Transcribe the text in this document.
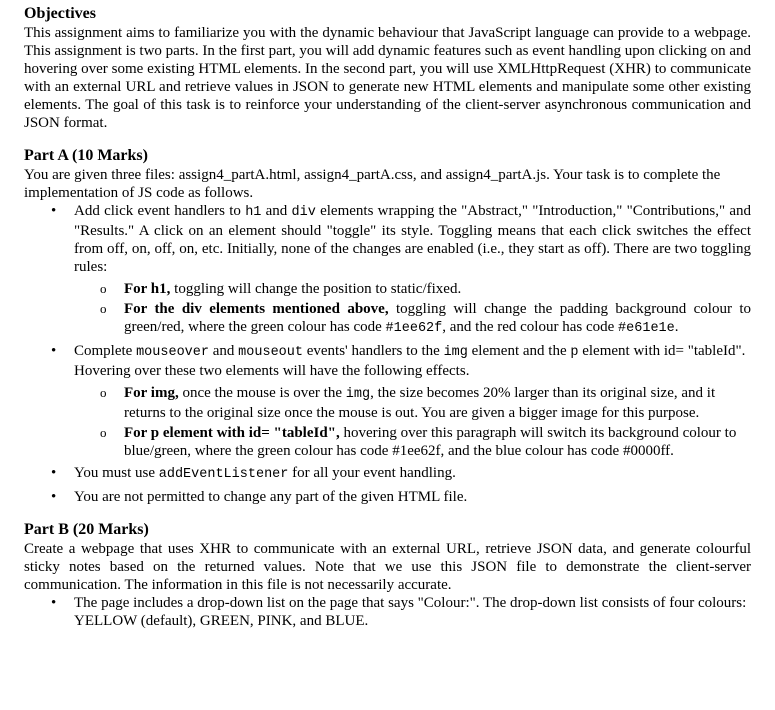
Objectives

This assignment aims to familiarize you with the dynamic behaviour that JavaScript language can provide to a webpage. This assignment is two parts. In the first part, you will add dynamic features such as event handling upon clicking on and hovering over some existing HTML elements. In the second part, you will use XMLHttpRequest (XHR) to communicate with an external URL and retrieve values in JSON to generate new HTML elements and manipulate some other existing elements. The goal of this task is to reinforce your understanding of the client-server asynchronous communication and JSON format.

Part A (10 Marks)

You are given three files: assign4_partA.html, assign4_partA.css, and assign4_partA.js. Your task is to complete the implementation of JS code as follows.

• Add click event handlers to h1 and div elements wrapping the "Abstract," "Introduction," "Contributions," and "Results." A click on an element should "toggle" its style. Toggling means that each click switches the effect from off, on, off, on, etc. Initially, none of the changes are enabled (i.e., they start as off). There are two toggling rules:
o For h1, toggling will change the position to static/fixed.
o For the div elements mentioned above, toggling will change the padding background colour to green/red, where the green colour has code #1ee62f, and the red colour has code #e61e1e.
• Complete mouseover and mouseout events' handlers to the img element and the p element with id= "tableId". Hovering over these two elements will have the following effects.
o For img, once the mouse is over the img, the size becomes 20% larger than its original size, and it returns to the original size once the mouse is out. You are given a bigger image for this purpose.
o For p element with id= "tableId", hovering over this paragraph will switch its background colour to blue/green, where the green colour has code #1ee62f, and the blue colour has code #0000ff.
• You must use addEventListener for all your event handling.
• You are not permitted to change any part of the given HTML file.
Part B (20 Marks)

Create a webpage that uses XHR to communicate with an external URL, retrieve JSON data, and generate colourful sticky notes based on the returned values. Note that we use this JSON file to demonstrate the client-server communication. The information in this file is not necessarily accurate.

• The page includes a drop-down list on the page that says "Colour:". The drop-down list consists of four colours: YELLOW (default), GREEN, PINK, and BLUE.
